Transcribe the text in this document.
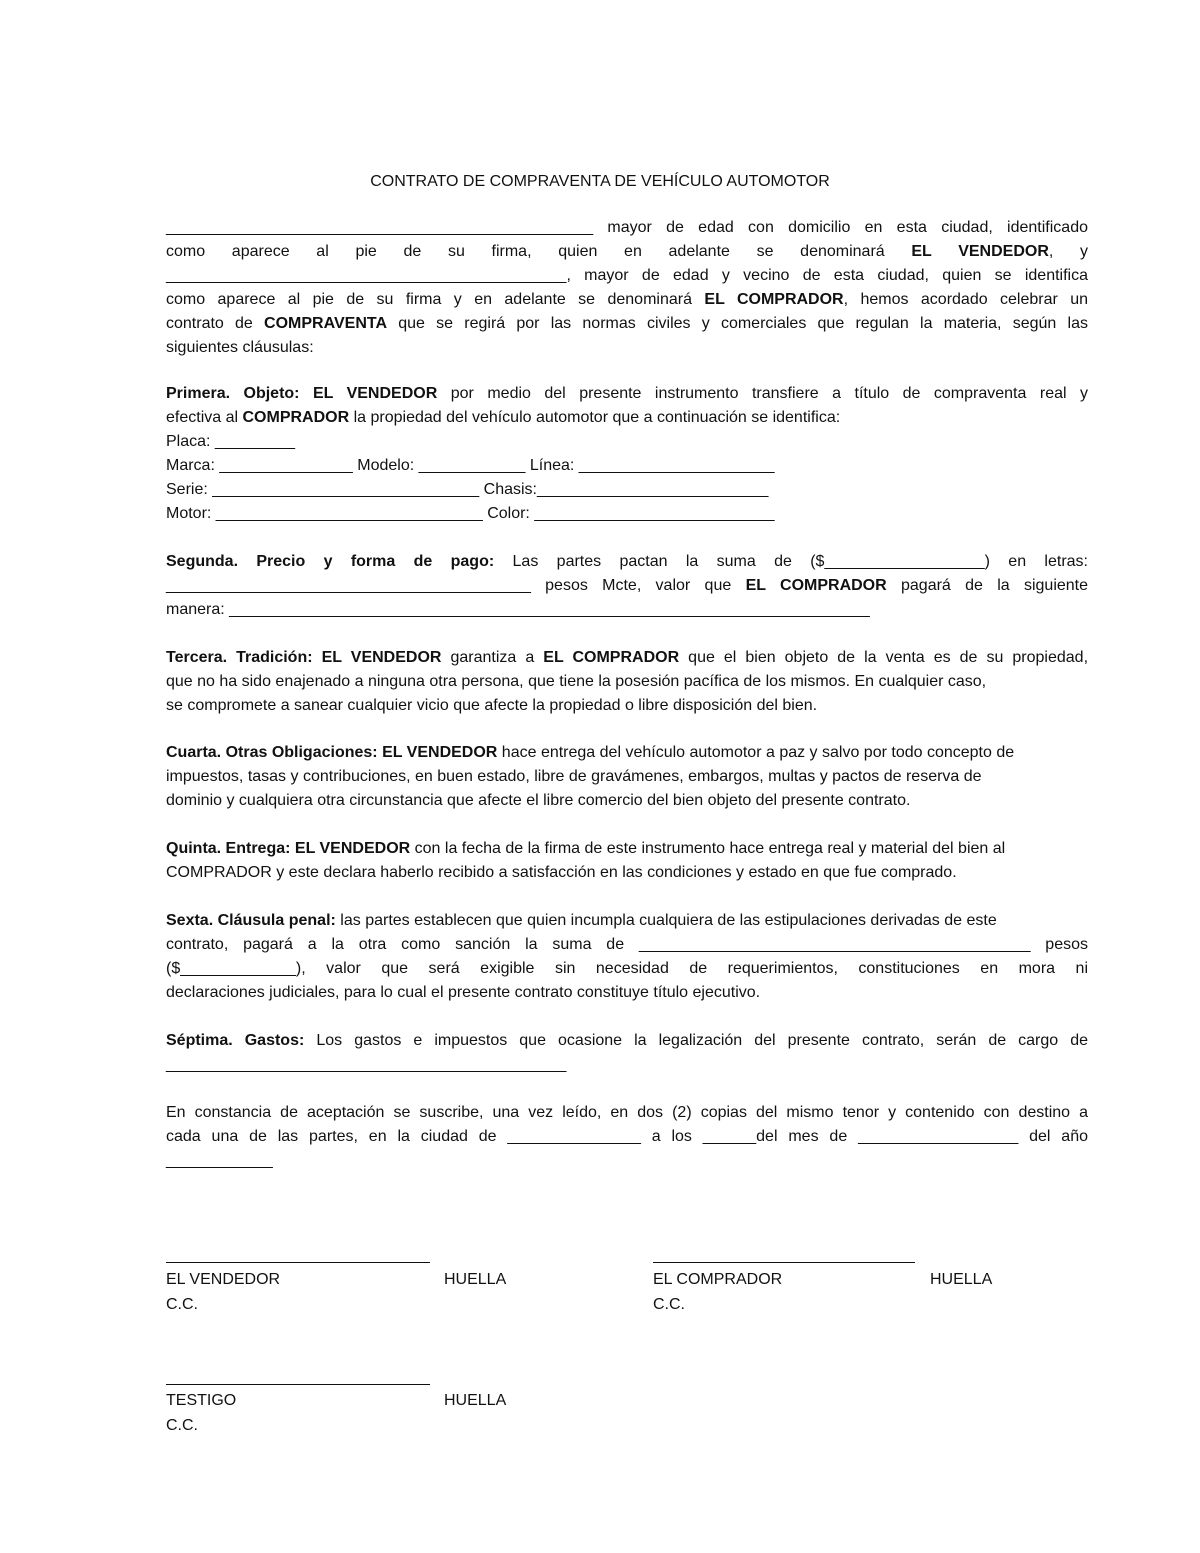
CONTRATO DE COMPRAVENTA DE VEHÍCULO AUTOMOTOR
________________________________________________ mayor de edad con domicilio en esta ciudad, identificado
como aparece al pie de su firma, quien en adelante se denominará EL VENDEDOR, y
_____________________________________________, mayor de edad y vecino de esta ciudad, quien se identifica
como aparece al pie de su firma y en adelante se denominará EL COMPRADOR, hemos acordado celebrar un
contrato de COMPRAVENTA que se regirá por las normas civiles y comerciales que regulan la materia, según las
siguientes cláusulas:
Primera. Objeto: EL VENDEDOR por medio del presente instrumento transfiere a título de compraventa real y
efectiva al COMPRADOR la propiedad del vehículo automotor que a continuación se identifica:
Placa: _________
Marca: _______________ Modelo: ____________ Línea: ______________________
Serie: ______________________________ Chasis:__________________________
Motor: ______________________________ Color: ___________________________
Segunda. Precio y forma de pago: Las partes pactan la suma de ($__________________) en letras:
_________________________________________ pesos Mcte, valor que EL COMPRADOR pagará de la siguiente
manera: ________________________________________________________________________
Tercera. Tradición: EL VENDEDOR garantiza a EL COMPRADOR que el bien objeto de la venta es de su propiedad,
que no ha sido enajenado a ninguna otra persona, que tiene la posesión pacífica de los mismos. En cualquier caso,
se compromete a sanear cualquier vicio que afecte la propiedad o libre disposición del bien.
Cuarta. Otras Obligaciones: EL VENDEDOR hace entrega del vehículo automotor a paz y salvo por todo concepto de
impuestos, tasas y contribuciones, en buen estado, libre de gravámenes, embargos, multas y pactos de reserva de
dominio y cualquiera otra circunstancia que afecte el libre comercio del bien objeto del presente contrato.
Quinta. Entrega: EL VENDEDOR con la fecha de la firma de este instrumento hace entrega real y material del bien al
COMPRADOR y este declara haberlo recibido a satisfacción en las condiciones y estado en que fue comprado.
Sexta. Cláusula penal: las partes establecen que quien incumpla cualquiera de las estipulaciones derivadas de este
contrato, pagará a la otra como sanción la suma de ____________________________________________ pesos
($_____________), valor que será exigible sin necesidad de requerimientos, constituciones en mora ni
declaraciones judiciales, para lo cual el presente contrato constituye título ejecutivo.
Séptima. Gastos: Los gastos e impuestos que ocasione la legalización del presente contrato, serán de cargo de
_____________________________________________
En constancia de aceptación se suscribe, una vez leído, en dos (2) copias del mismo tenor y contenido con destino a
cada una de las partes, en la ciudad de _______________ a los ______del mes de __________________ del año
____________
EL VENDEDOR	HUELLA	EL COMPRADOR	HUELLA
C.C.	C.C.
TESTIGO	HUELLA
C.C.
